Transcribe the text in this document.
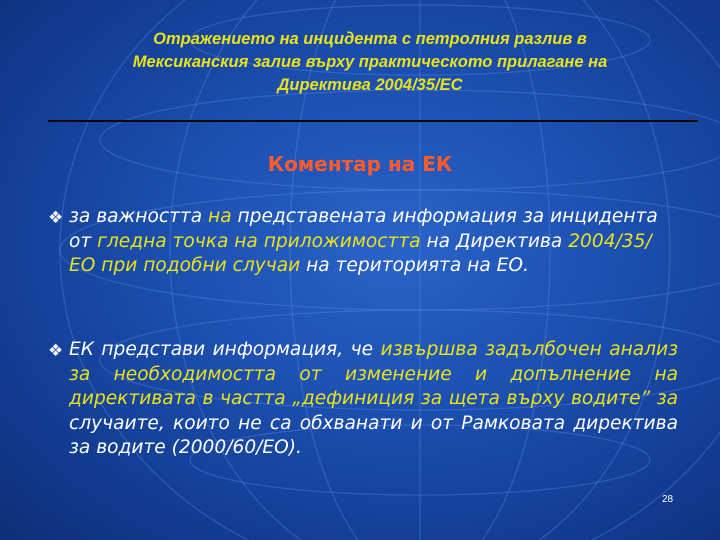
Отражението на инцидента с петролния разлив в
Мексиканския залив върху практическото прилагане на
Директива 2004/35/ЕС
Коментар на ЕК
❖ за важността на представената информация за инцидента от гледна точка на приложимостта на Директива 2004/35/ЕО при подобни случаи на територията на ЕО.
❖ ЕК представи информация, че извършва задълбочен анализ за необходимостта от изменение и допълнение на директивата в частта „дефиниция за щета върху водите” за случаите, които не са обхванати и от Рамковата директива за водите (2000/60/ЕО).
28
